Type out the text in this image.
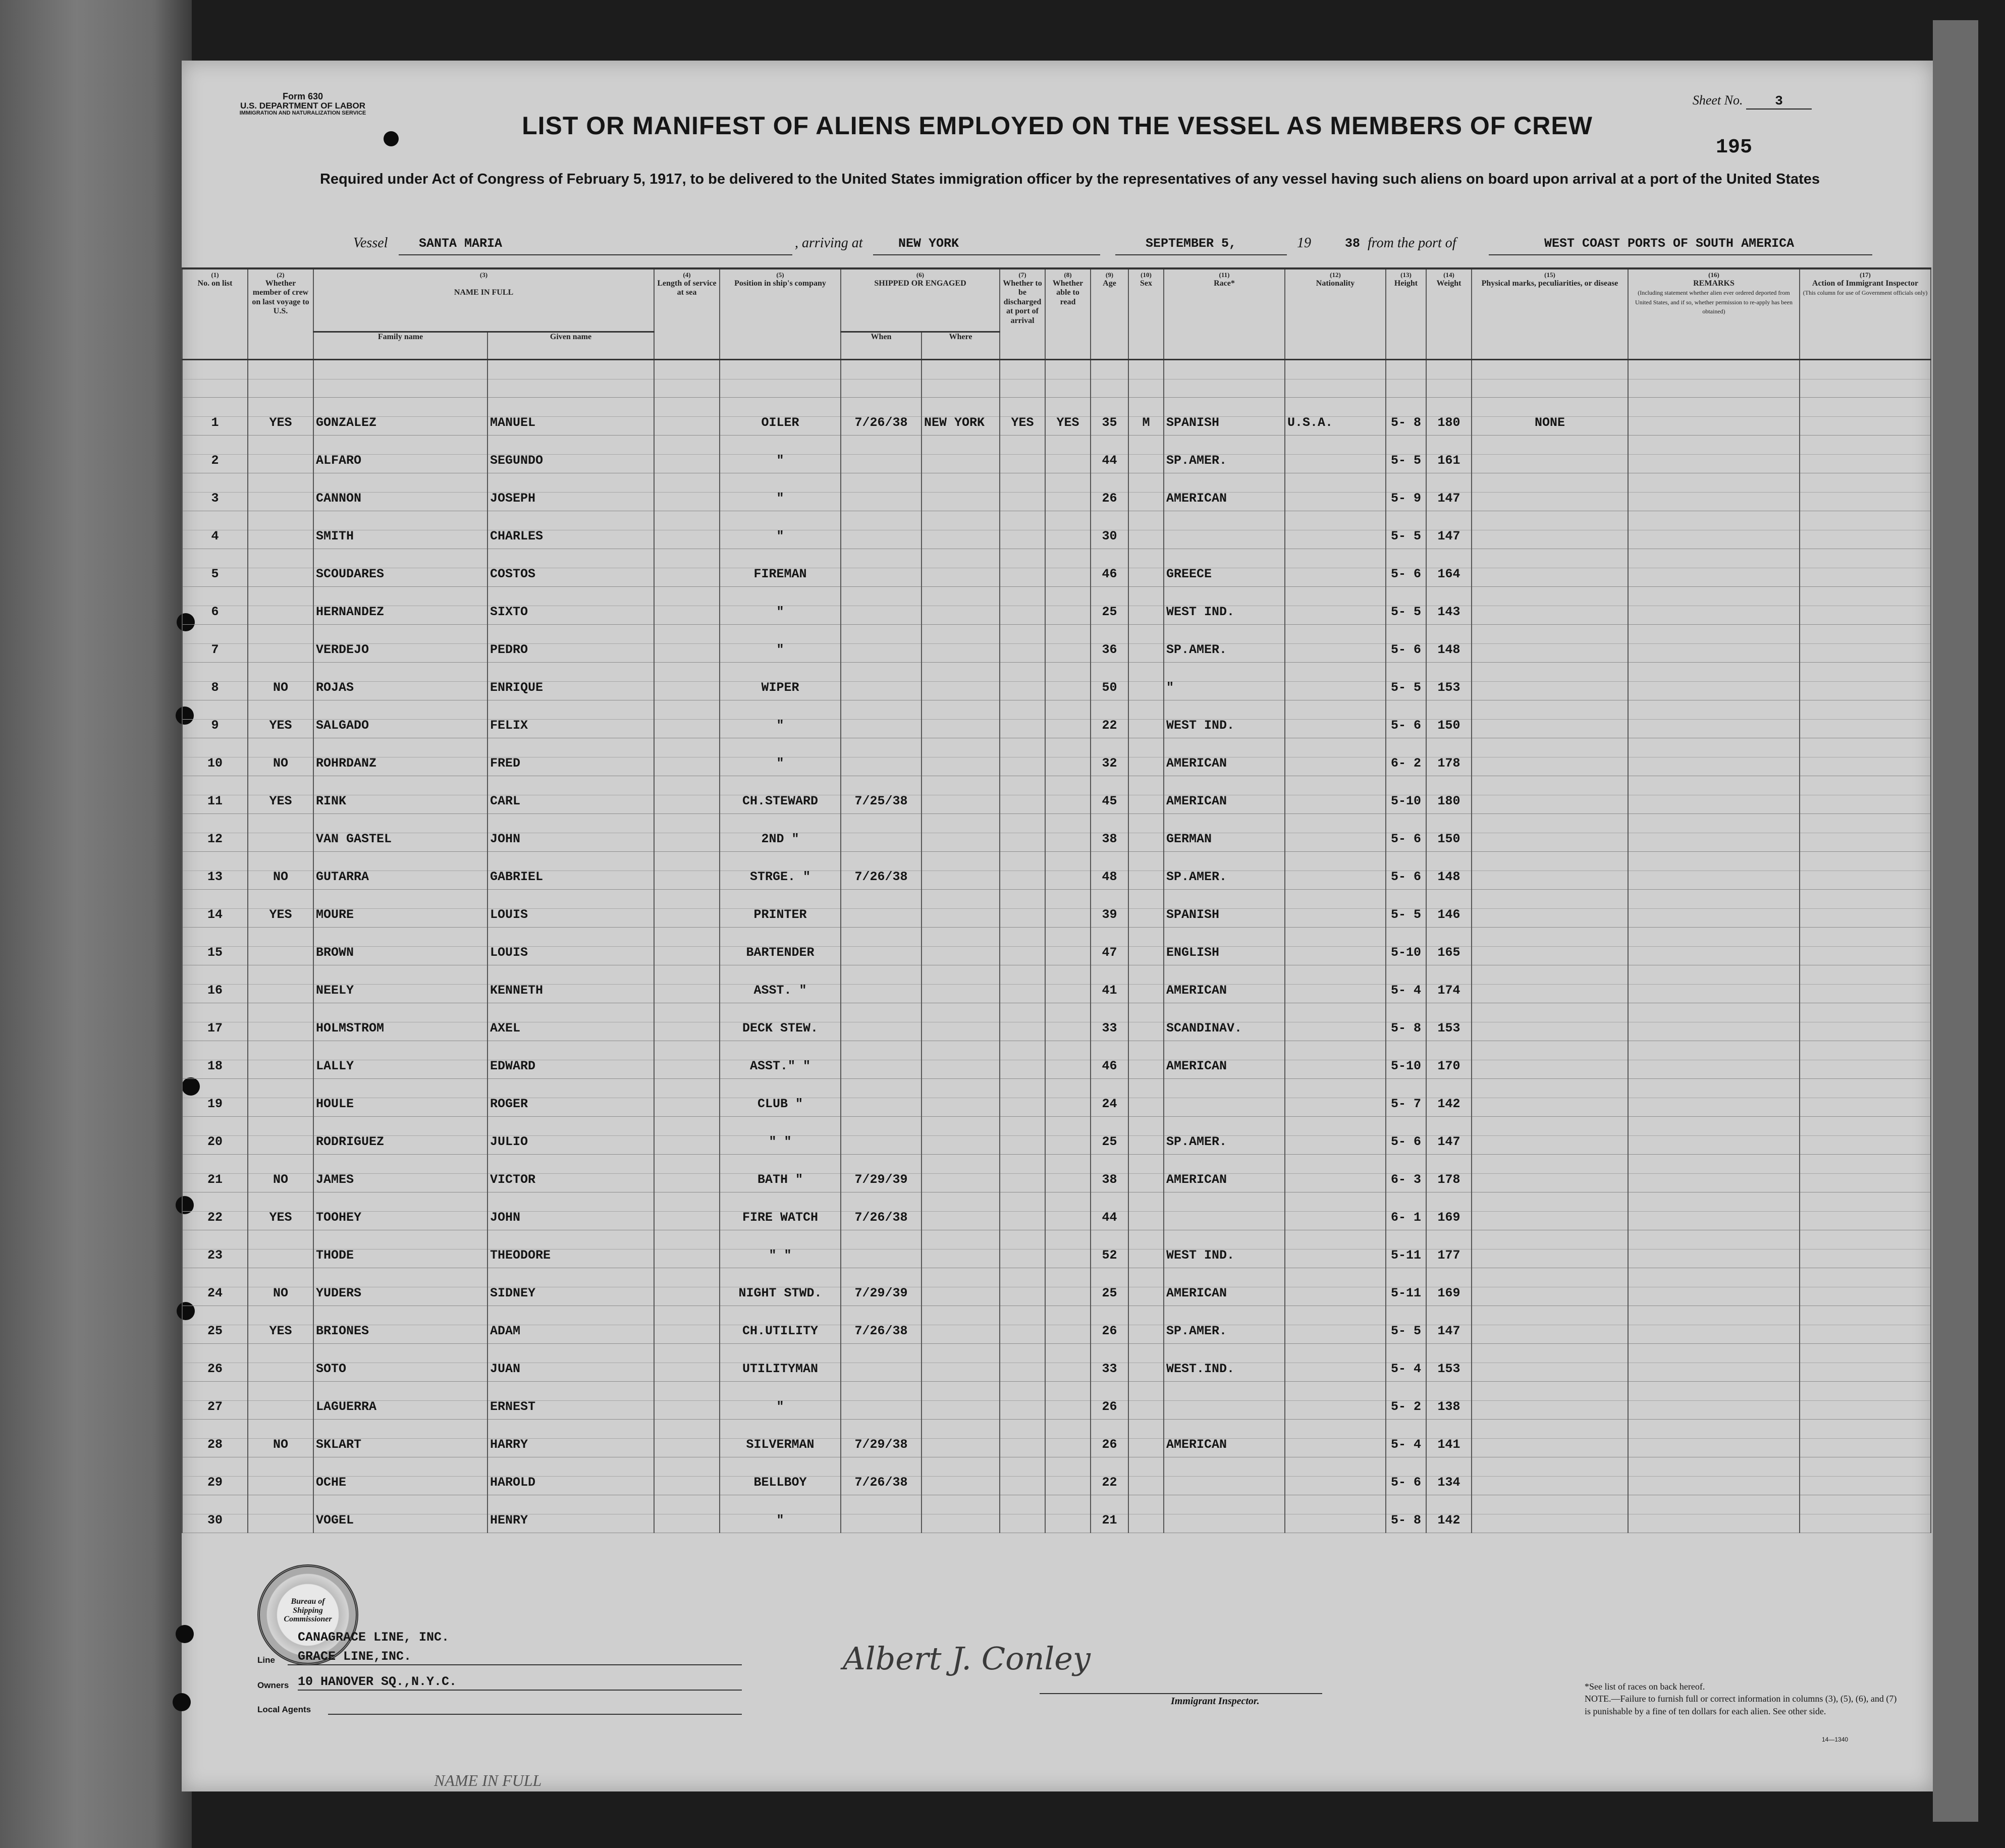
Form 630
U.S. DEPARTMENT OF LABOR
IMMIGRATION AND NATURALIZATION SERVICE
Sheet No. 3
LIST OR MANIFEST OF ALIENS EMPLOYED ON THE VESSEL AS MEMBERS OF CREW
195
Required under Act of Congress of February 5, 1917, to be delivered to the United States immigration officer by the representatives of any vessel having such aliens on board upon arrival at a port of the United States
Vessel SANTA MARIA	, arriving at	NEW YORK	SEPTEMBER 5,	19	38 from the port of	WEST COAST PORTS OF SOUTH AMERICA
(1)
No. on list	(2)
Whether member of crew on last voyage to U.S.	(3)

NAME IN FULL		(4)
Length of service at sea	(5)
Position in ship's company	(6)
SHIPPED OR ENGAGED		(7)
Whether to be discharged at port of arrival	(8)
Whether able to read	(9)
Age	(10)
Sex	(11)
Race*	(12)
Nationality	(13)
Height	(14)
Weight	(15)
Physical marks, peculiarities, or disease	(16)
REMARKS
(Including statement whether alien ever ordered deported from United States, and if so, whether permission to re-apply has been obtained)	(17)
Action of Immigrant Inspector
(This column for use of Government officials only)
		Family name	Given name			When	Where											

1	YES	GONZALEZ	MANUEL		OILER	7/26/38	NEW YORK	YES	YES	35	M	SPANISH	U.S.A.	5- 8	180	NONE		
2		ALFARO	SEGUNDO		"					44		SP.AMER.		5- 5	161			
3		CANNON	JOSEPH		"					26		AMERICAN		5- 9	147			
4		SMITH	CHARLES		"					30				5- 5	147			
5		SCOUDARES	COSTOS		FIREMAN					46		GREECE		5- 6	164			
6		HERNANDEZ	SIXTO		"					25		WEST IND.		5- 5	143			
7		VERDEJO	PEDRO		"					36		SP.AMER.		5- 6	148			
8	NO	ROJAS	ENRIQUE		WIPER					50		"		5- 5	153			
9	YES	SALGADO	FELIX		"					22		WEST IND.		5- 6	150			
10	NO	ROHRDANZ	FRED		"					32		AMERICAN		6- 2	178			
11	YES	RINK	CARL		CH.STEWARD	7/25/38				45		AMERICAN		5-10	180			
12		VAN GASTEL	JOHN		2ND "					38		GERMAN		5- 6	150			
13	NO	GUTARRA	GABRIEL		STRGE. "	7/26/38				48		SP.AMER.		5- 6	148			
14	YES	MOURE	LOUIS		PRINTER					39		SPANISH		5- 5	146			
15		BROWN	LOUIS		BARTENDER					47		ENGLISH		5-10	165			
16		NEELY	KENNETH		ASST. "					41		AMERICAN		5- 4	174			
17		HOLMSTROM	AXEL		DECK STEW.					33		SCANDINAV.		5- 8	153			
18		LALLY	EDWARD		ASST." "					46		AMERICAN		5-10	170			
19		HOULE	ROGER		CLUB "					24				5- 7	142			
20		RODRIGUEZ	JULIO		" "					25		SP.AMER.		5- 6	147			
21	NO	JAMES	VICTOR		BATH "	7/29/39				38		AMERICAN		6- 3	178			
22	YES	TOOHEY	JOHN		FIRE WATCH	7/26/38				44				6- 1	169			
23		THODE	THEODORE		" "					52		WEST IND.		5-11	177			
24	NO	YUDERS	SIDNEY		NIGHT STWD.	7/29/39				25		AMERICAN		5-11	169			
25	YES	BRIONES	ADAM		CH.UTILITY	7/26/38				26		SP.AMER.		5- 5	147			
26		SOTO	JUAN		UTILITYMAN					33		WEST.IND.		5- 4	153			
27		LAGUERRA	ERNEST		"					26				5- 2	138			
28	NO	SKLART	HARRY		SILVERMAN	7/29/38				26		AMERICAN		5- 4	141			
29		OCHE	HAROLD		BELLBOY	7/26/38				22				5- 6	134			
30		VOGEL	HENRY		"					21				5- 8	142			
Bureau of Shipping Commissioner
CANAGRACE LINE, INC.
Line GRACE LINE,INC.
Owners 10 HANOVER SQ.,N.Y.C.
Local Agents
Albert J. Conley
Immigrant Inspector.
*See list of races on back hereof.
NOTE.—Failure to furnish full or correct information in columns (3), (5), (6), and (7) is punishable by a fine of ten dollars for each alien. See other side.
14—1340
NAME IN FULL
